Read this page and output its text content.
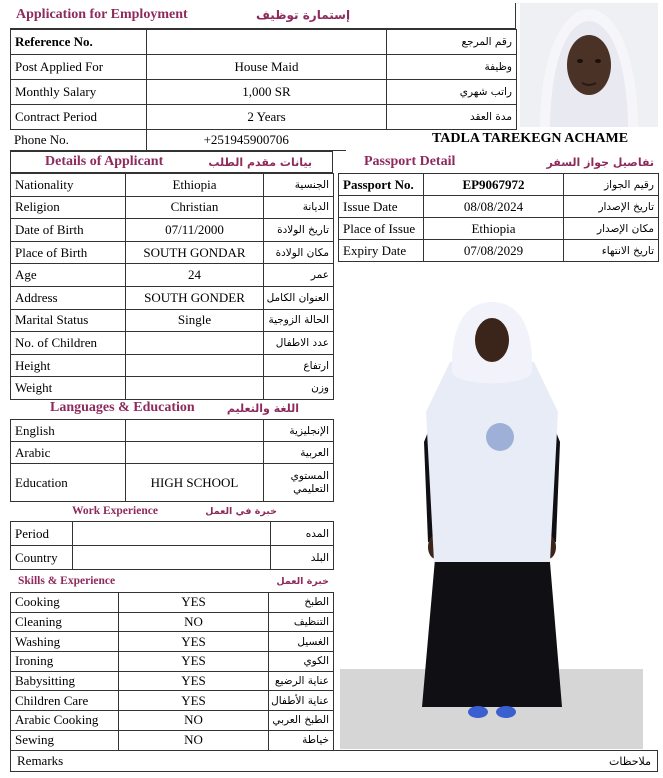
Application for Employment	إستمارة توظيف
Reference No.		رقم المرجع
Post Applied For	House Maid	وظيفة
Monthly Salary	1,000 SR	راتب شهري
Contract Period	2 Years	مدة العقد
Phone No.	+251945900706	TADLA TAREKEGN ACHAME
Details of Applicant	بيانات مقدم الطلب
Nationality	Ethiopia	الجنسية
Religion	Christian	الديانة
Date of Birth	07/11/2000	تاريخ الولادة
Place of Birth	SOUTH GONDAR	مكان الولادة
Age	24	عمر
Address	SOUTH GONDER	العنوان الكامل
Marital Status	Single	الحالة الزوجية
No. of Children		عدد الاطفال
Height		ارتفاع
Weight		وزن
Languages & Education	اللغة والتعليم
English		الإنجليزية
Arabic		العربية
Education	HIGH SCHOOL	المستوي
التعليمي
Work Experience	خبرة في العمل
Period		المده
Country		البلد
Skills & Experience	خبرة العمل
Cooking	YES	الطبخ
Cleaning	NO	التنظيف
Washing	YES	الغسيل
Ironing	YES	الكوي
Babysitting	YES	عناية الرضيع
Children Care	YES	عناية الأطفال
Arabic Cooking	NO	الطبخ العربي
Sewing	NO	خياطة
Remarks	ملاحظات
Passport Detail	تفاصيل جواز السفر
Passport No.	EP9067972	رقيم الجواز
Issue Date	08/08/2024	تاريخ الإصدار
Place of Issue	Ethiopia	مكان الإصدار
Expiry Date	07/08/2029	تاريخ الانتهاء
